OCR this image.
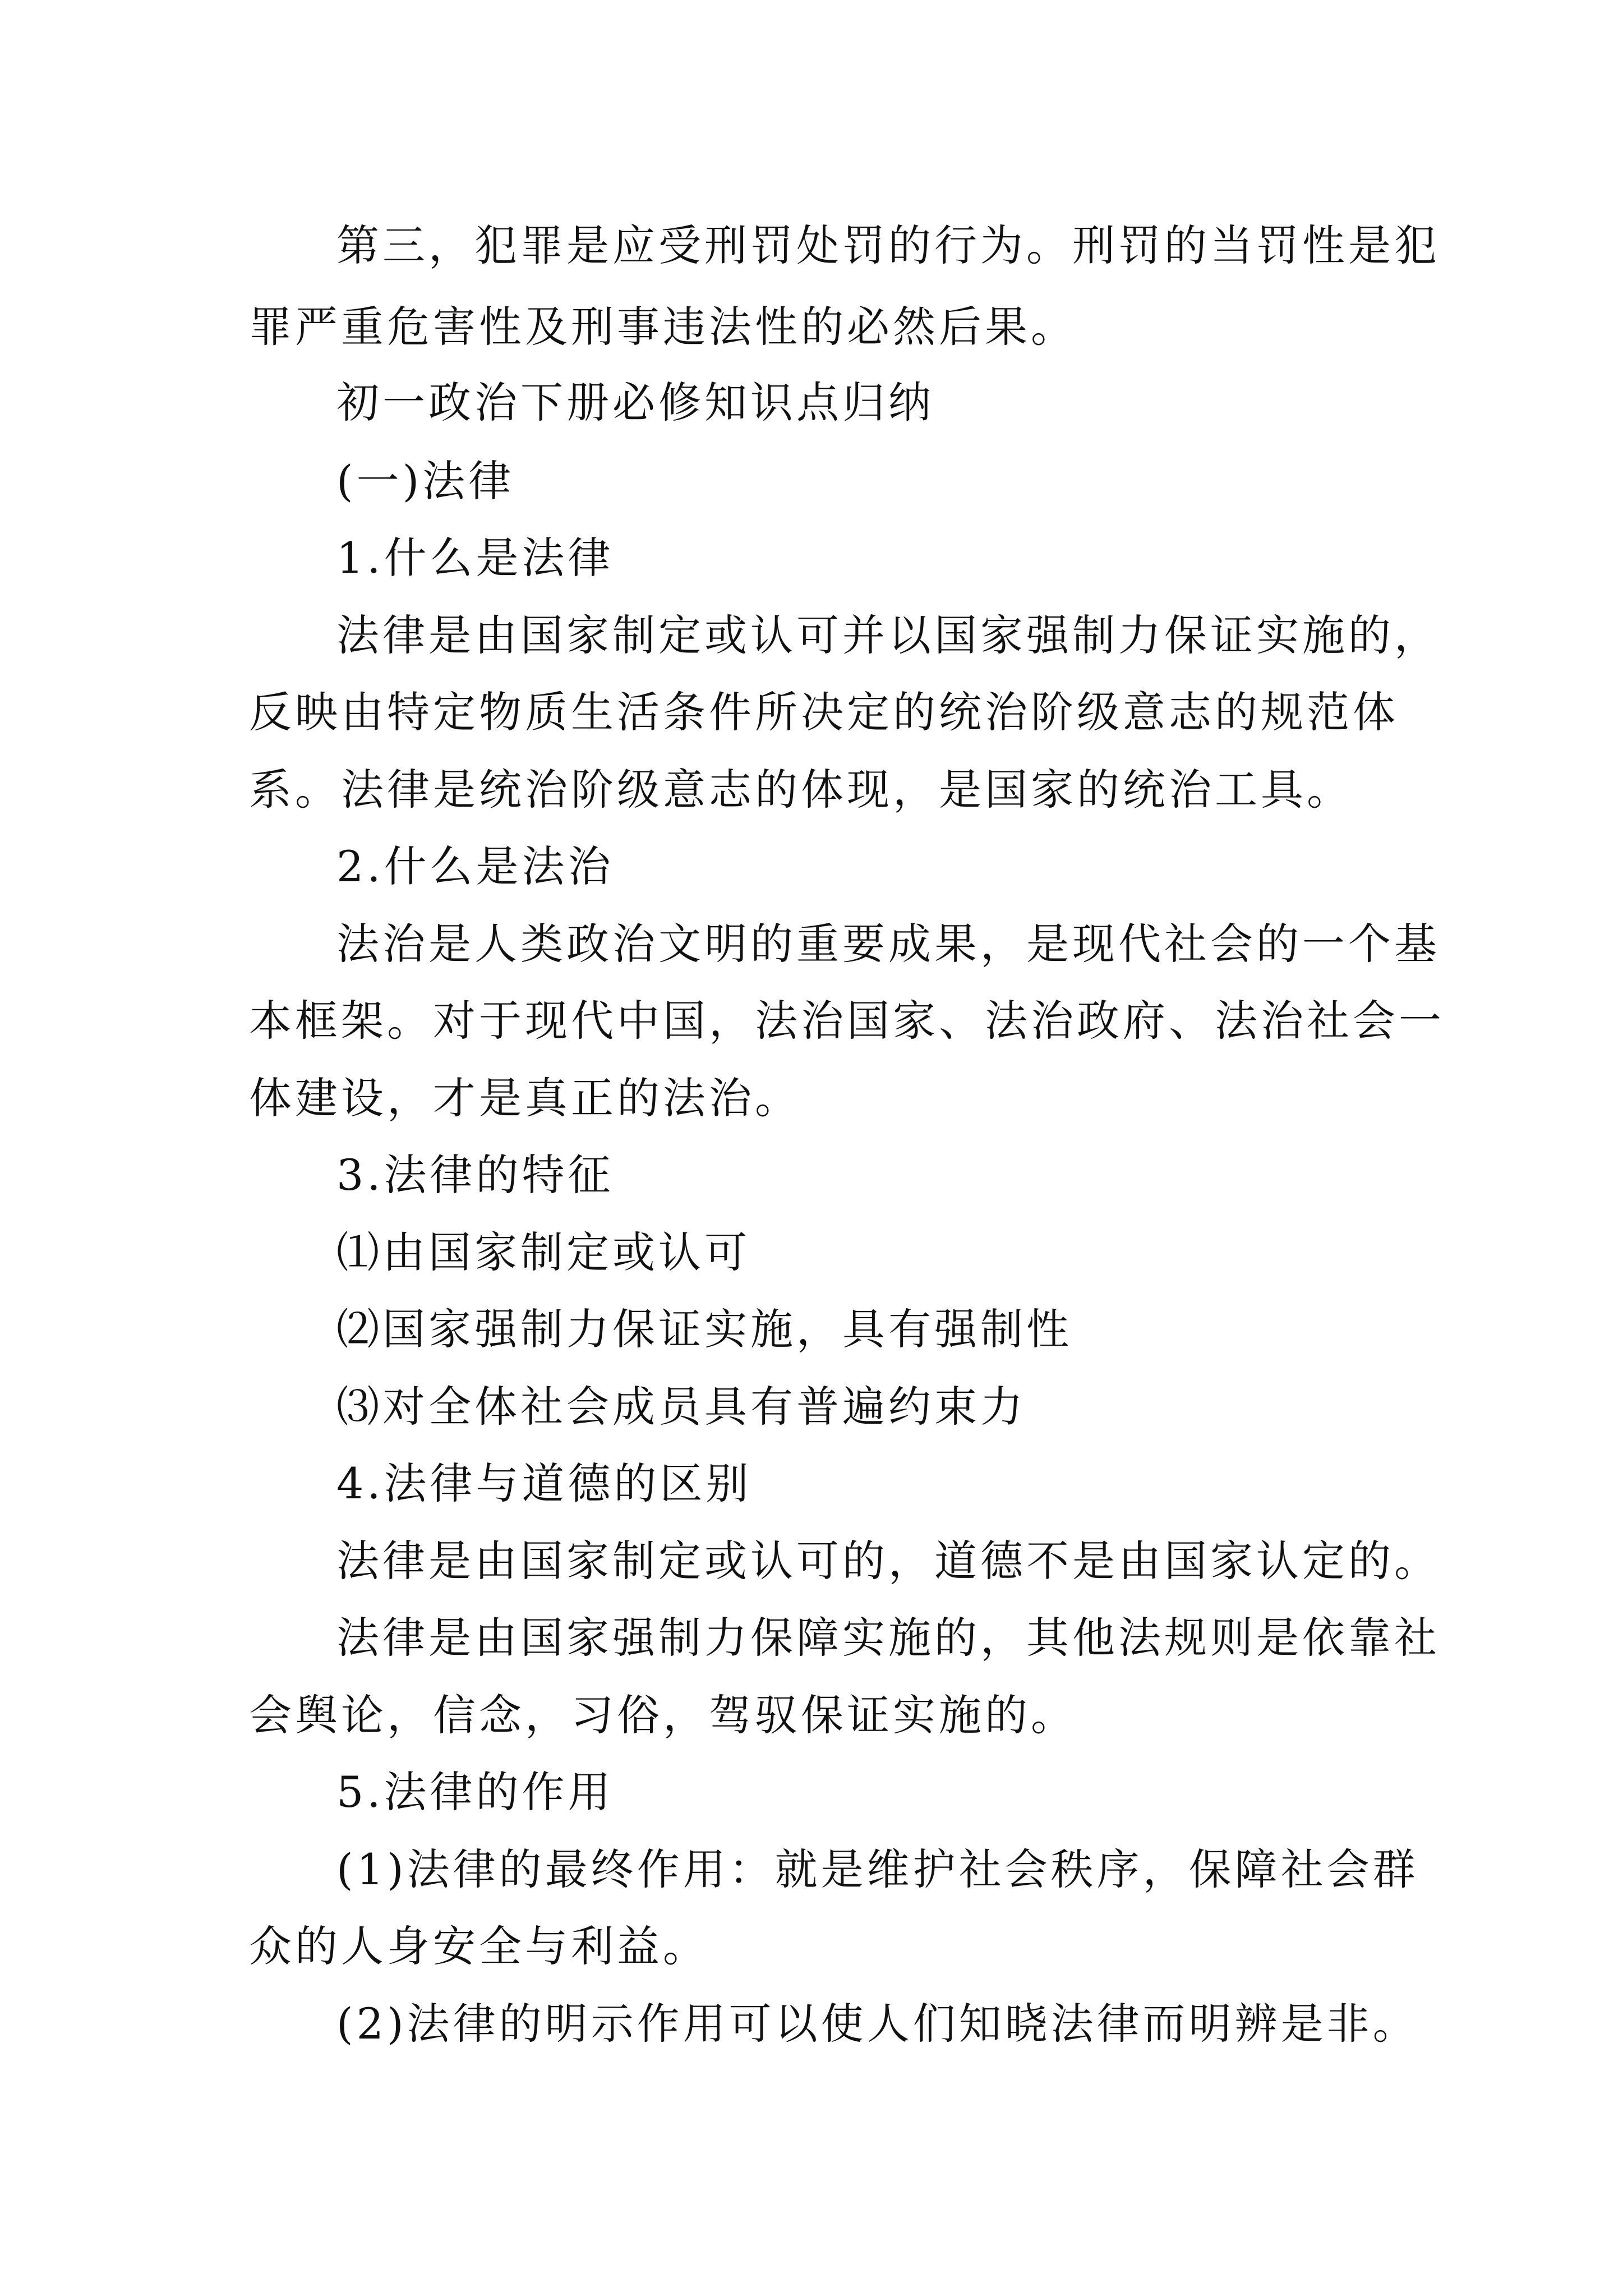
第三，犯罪是应受刑罚处罚的行为。刑罚的当罚性是犯
罪严重危害性及刑事违法性的必然后果。
初一政治下册必修知识点归纳
(一)法律
1.什么是法律
法律是由国家制定或认可并以国家强制力保证实施的，
反映由特定物质生活条件所决定的统治阶级意志的规范体
系。法律是统治阶级意志的体现，是国家的统治工具。
2.什么是法治
法治是人类政治文明的重要成果，是现代社会的一个基
本框架。对于现代中国，法治国家、法治政府、法治社会一
体建设，才是真正的法治。
3.法律的特征
⑴由国家制定或认可
⑵国家强制力保证实施，具有强制性
⑶对全体社会成员具有普遍约束力
4.法律与道德的区别
法律是由国家制定或认可的，道德不是由国家认定的。
法律是由国家强制力保障实施的，其他法规则是依靠社
会舆论，信念，习俗，驾驭保证实施的。
5.法律的作用
(1)法律的最终作用：就是维护社会秩序，保障社会群
众的人身安全与利益。
(2)法律的明示作用可以使人们知晓法律而明辨是非。
